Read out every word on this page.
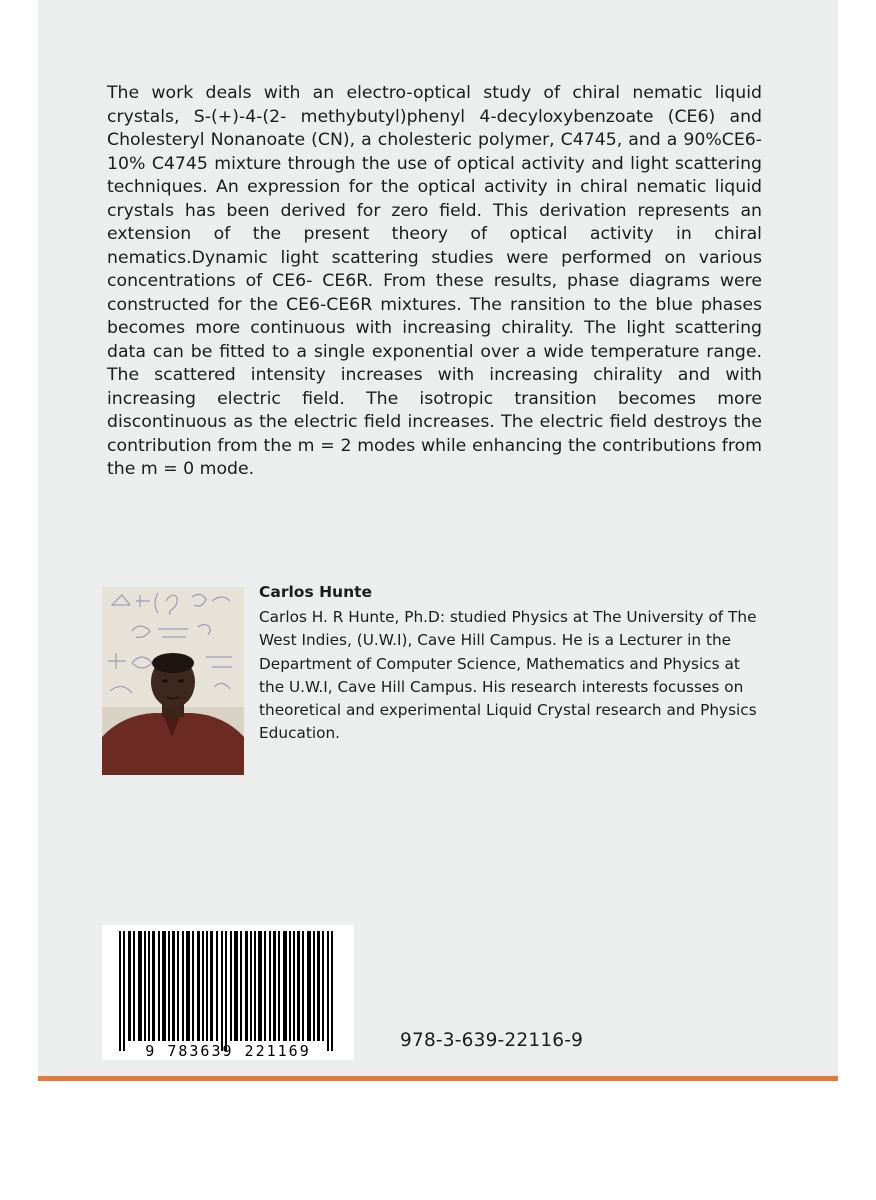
The work deals with an electro-optical study of chiral nematic liquid crystals, S-(+)-4-(2- methybutyl)phenyl 4-decyloxybenzoate (CE6) and Cholesteryl Nonanoate (CN), a cholesteric polymer, C4745, and a 90%CE6-10% C4745 mixture through the use of optical activity and light scattering techniques. An expression for the optical activity in chiral nematic liquid crystals has been derived for zero field. This derivation represents an extension of the present theory of optical activity in chiral nematics.Dynamic light scattering studies were performed on various concentrations of CE6- CE6R. From these results, phase diagrams were constructed for the CE6-CE6R mixtures. The ransition to the blue phases becomes more continuous with increasing chirality. The light scattering data can be fitted to a single exponential over a wide temperature range. The scattered intensity increases with increasing chirality and with increasing electric field. The isotropic transition becomes more discontinuous as the electric field increases. The electric field destroys the contribution from the m = 2 modes while enhancing the contributions from the m = 0 mode.

Carlos Hunte

Carlos H. R Hunte, Ph.D: studied Physics at The University of The West Indies, (U.W.I), Cave Hill Campus. He is a Lecturer in the Department of Computer Science, Mathematics and Physics at the U.W.I, Cave Hill Campus. His research interests focusses on theoretical and experimental Liquid Crystal research and Physics Education.

9 783639 221169	978-3-639-22116-9
